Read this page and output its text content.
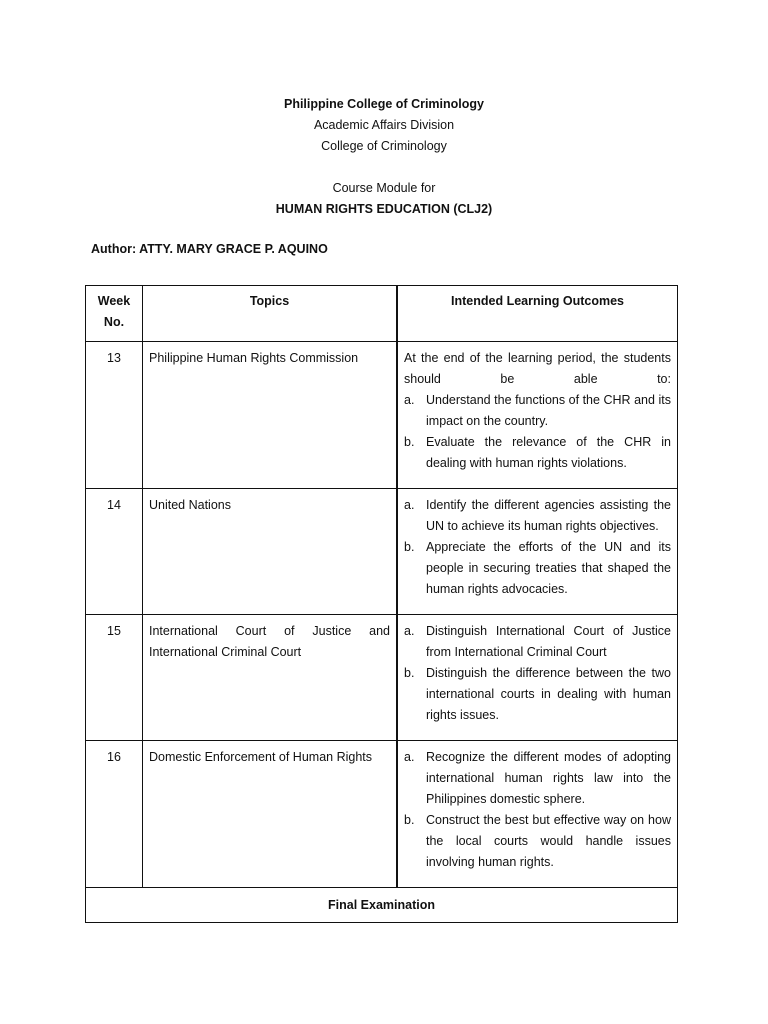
Philippine College of Criminology
Academic Affairs Division
College of Criminology
Course Module for
HUMAN RIGHTS EDUCATION (CLJ2)
Author: ATTY. MARY GRACE P. AQUINO
Week No.	Topics	Intended Learning Outcomes
13	Philippine Human Rights Commission	At the end of the learning period, the students should be able to:
a. Understand the functions of the CHR and its impact on the country.
b. Evaluate the relevance of the CHR in dealing with human rights violations.

14	United Nations	a. Identify the different agencies assisting the UN to achieve its human rights objectives.
b. Appreciate the efforts of the UN and its people in securing treaties that shaped the human rights advocacies.

15	International Court of Justice and International Criminal Court	a. Distinguish International Court of Justice from International Criminal Court
b. Distinguish the difference between the two international courts in dealing with human rights issues.

16	Domestic Enforcement of Human Rights	a. Recognize the different modes of adopting international human rights law into the Philippines domestic sphere.
b. Construct the best but effective way on how the local courts would handle issues involving human rights.

Final Examination		
